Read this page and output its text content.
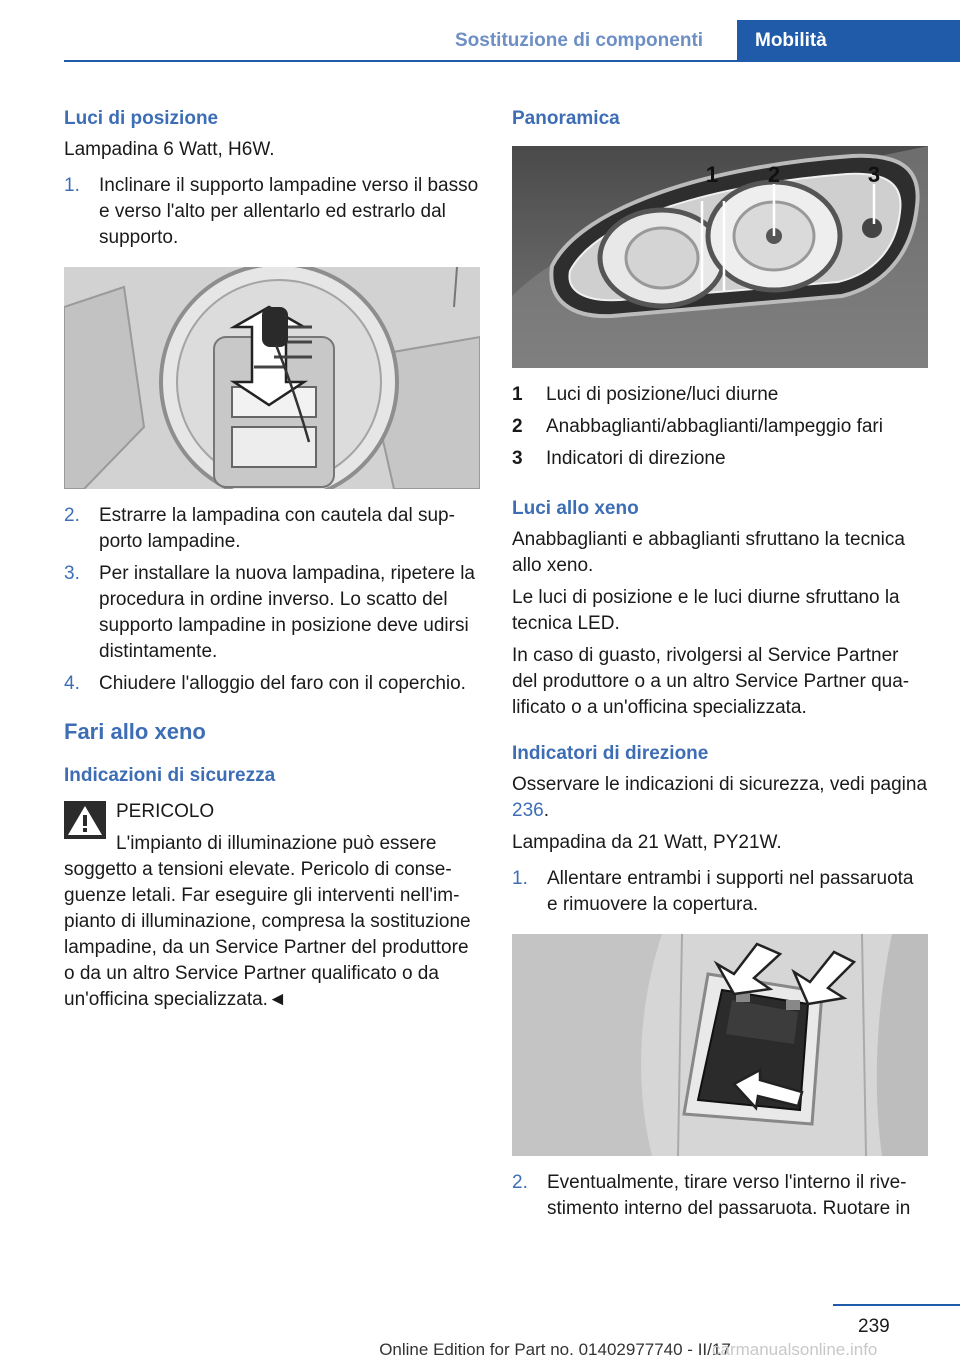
Sostituzione di componenti	Mobilità
Luci di posizione

Lampadina 6 Watt, H6W.

1. Inclinare il supporto lampadine verso il basso e verso l'alto per allentarlo ed estrarlo dal supporto.
2. Estrarre la lampadina con cautela dal supporto lampadine.
3. Per installare la nuova lampadina, ripetere la procedura in ordine inverso. Lo scatto del supporto lampadine in posizione deve udirsi distintamente.
4. Chiudere l'alloggio del faro con il coperchio.
Fari allo xeno
Indicazioni di sicurezza
PERICOLO
L'impianto di illuminazione può essere soggetto a tensioni elevate. Pericolo di conseguenze letali. Far eseguire gli interventi nell'impianto di illuminazione, compresa la sostituzione lampadine, da un Service Partner del produttore o da un altro Service Partner qualificato o da un'officina specializzata.◄
Panoramica
1 2	3
1 Luci di posizione/luci diurne
2 Anabbaglianti/abbaglianti/lampeggio fari
3 Indicatori di direzione
Luci allo xeno

Anabbaglianti e abbaglianti sfruttano la tecnica allo xeno.

Le luci di posizione e le luci diurne sfruttano la tecnica LED.

In caso di guasto, rivolgersi al Service Partner del produttore o a un altro Service Partner qualificato o a un'officina specializzata.

Indicatori di direzione

Osservare le indicazioni di sicurezza, vedi pagina 236.

Lampadina da 21 Watt, PY21W.

1. Allentare entrambi i supporti nel passaruota e rimuovere la copertura.
2. Eventualmente, tirare verso l'interno il rivestimento interno del passaruota. Ruotare in
239
Online Edition for Part no. 01402977740 - II/17
carmanualsonline.info
